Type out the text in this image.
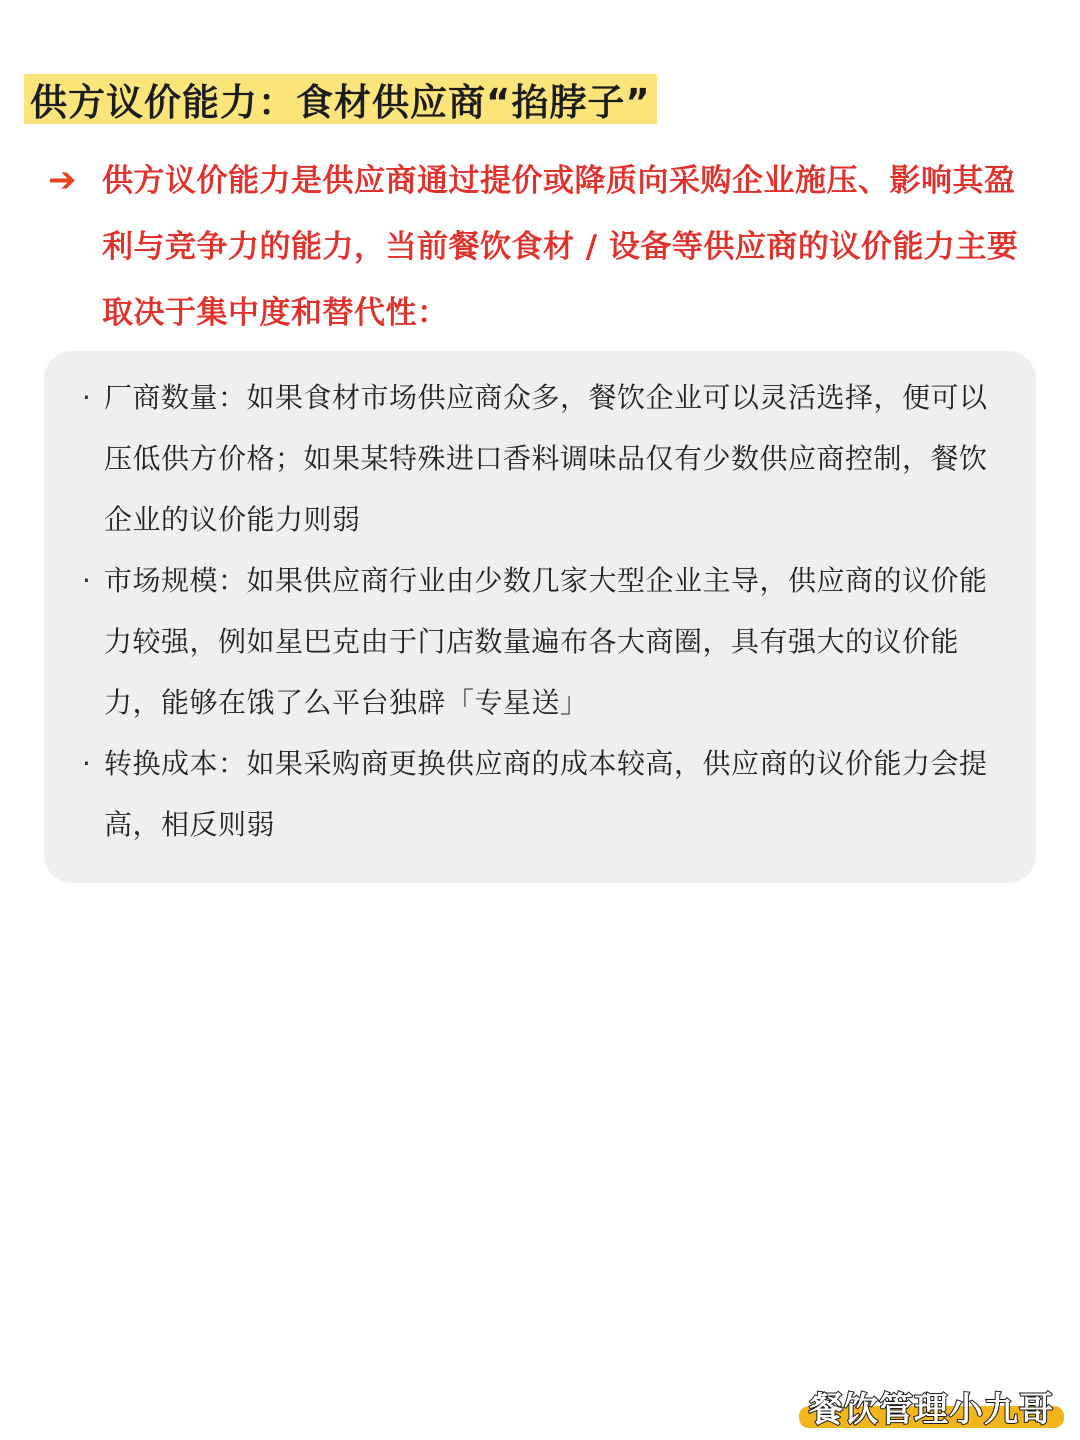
供方议价能力：食材供应商“掐脖子”
➔ 供方议价能力是供应商通过提价或降质向采购企业施压、影响其盈利与竞争力的能力，当前餐饮食材 / 设备等供应商的议价能力主要取决于集中度和替代性：
· 厂商数量：如果食材市场供应商众多，餐饮企业可以灵活选择，便可以压低供方价格；如果某特殊进口香料调味品仅有少数供应商控制，餐饮企业的议价能力则弱
· 市场规模：如果供应商行业由少数几家大型企业主导，供应商的议价能力较强，例如星巴克由于门店数量遍布各大商圈，具有强大的议价能力，能够在饿了么平台独辟「专星送」
· 转换成本：如果采购商更换供应商的成本较高，供应商的议价能力会提高，相反则弱
餐饮管理小九哥
